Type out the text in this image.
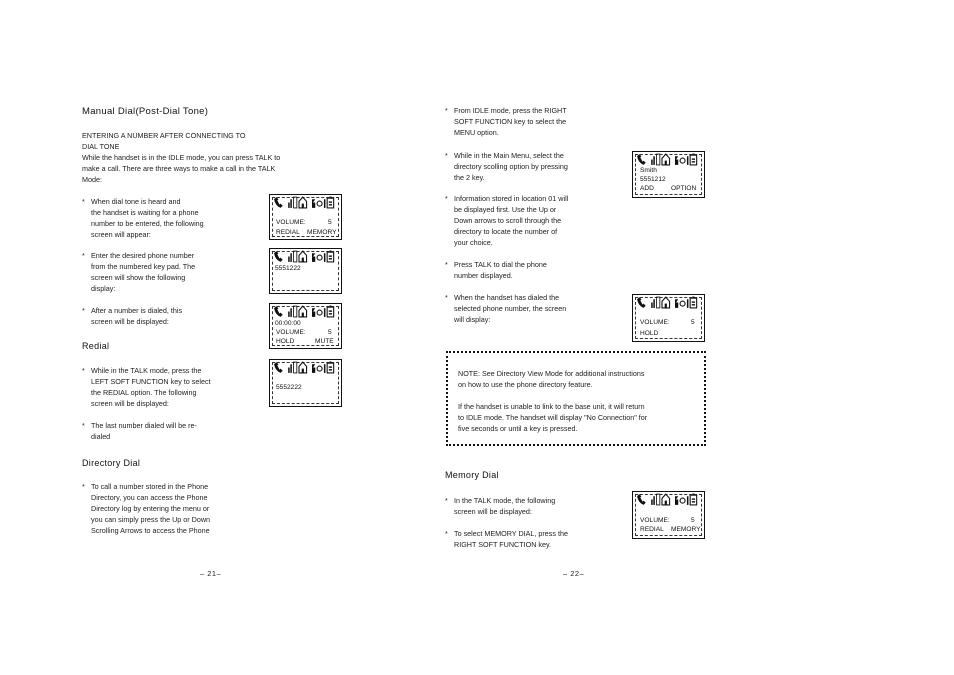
Manual Dial(Post-Dial Tone)
ENTERING A NUMBER AFTER CONNECTING TO
DIAL TONE
While the handset is in the IDLE mode, you can press TALK to
make a call. There are three ways to make a call in the TALK
Mode:
* When dial tone is heard and
the handset is waiting for a phone
number to be entered, the following
screen will appear:
* Enter the desired phone number
from the numbered key pad. The
screen will show the following
display:
* After a number is dialed, this
screen will be displayed:
Redial
* While in the TALK mode, press the
LEFT SOFT FUNCTION key to select
the REDIAL option. The following
screen will be displayed:
* The last number dialed will be re-
dialed
Directory Dial
* To call a number stored in the Phone
Directory, you can access the Phone
Directory log by entering the menu or
you can simply press the Up or Down
Scrolling Arrows to access the Phone
– 21–
VOLUME:	5
REDIAL MEMORY
5551222
00:00:00
VOLUME:	5
HOLD	MUTE
5552222
* From IDLE mode, press the RIGHT
SOFT FUNCTION key to select the
MENU option.
* While in the Main Menu, select the
directory scolling option by pressing
the 2 key.
* Information stored in location 01 will
be displayed first. Use the Up or
Down arrows to scroll through the
directory to locate the number of
your choice.
* Press TALK to dial the phone
number displayed.
* When the handset has dialed the
selected phone number, the screen
will display:
NOTE: See Directory View Mode for additional instructions
on how to use the phone directory feature.
If the handset is unable to link to the base unit, it will return
to IDLE mode. The handset will display "No Connection" for
five seconds or until a key is pressed.
Memory Dial
* In the TALK mode, the following
screen will be displayed:
* To select MEMORY DIAL, press the
RIGHT SOFT FUNCTION key.
– 22–
Smith
5551212
ADD	OPTION
VOLUME:	5
HOLD
VOLUME:	5
REDIAL MEMORY
